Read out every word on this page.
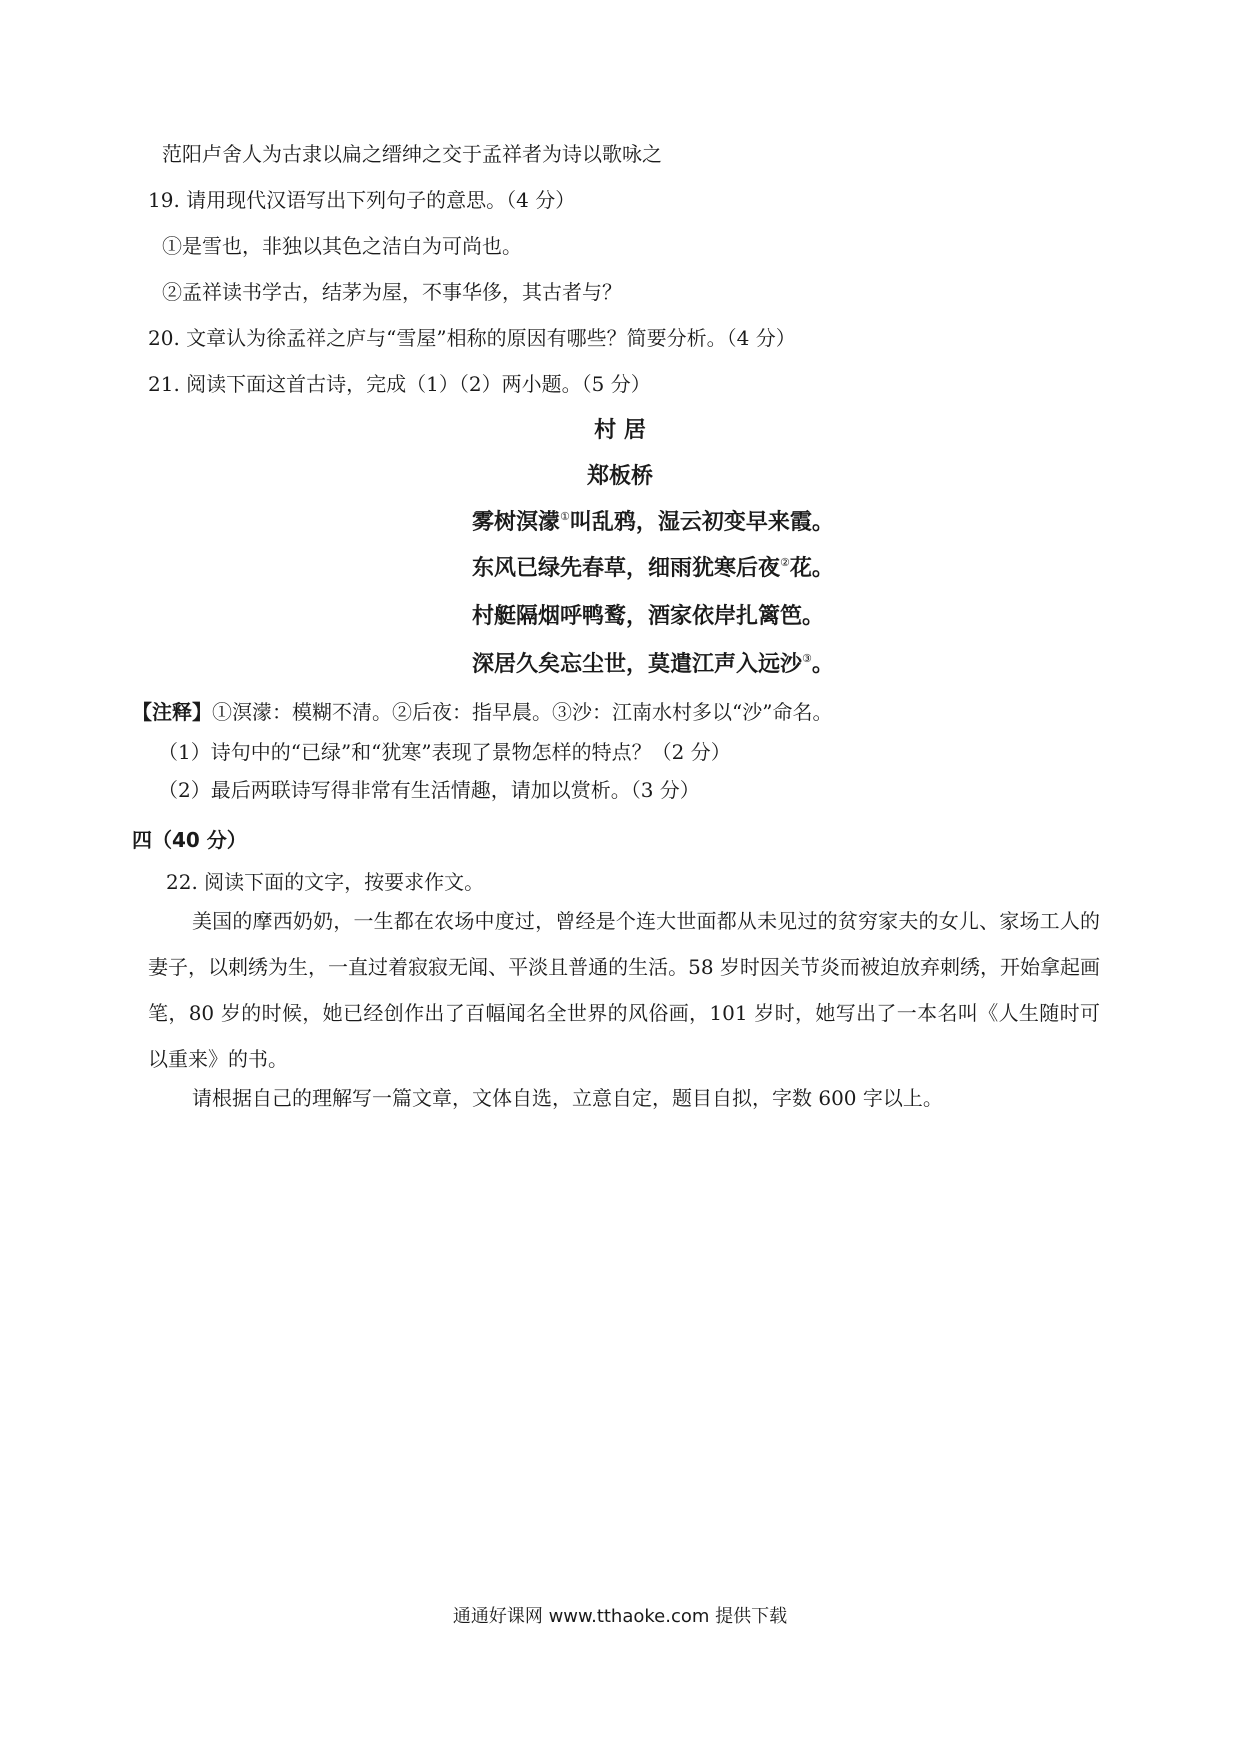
范阳卢舍人为古隶以扁之缙绅之交于孟祥者为诗以歌咏之
19. 请用现代汉语写出下列句子的意思。（4 分）
①是雪也，非独以其色之洁白为可尚也。
②孟祥读书学古，结茅为屋，不事华侈，其古者与？
20. 文章认为徐孟祥之庐与“雪屋”相称的原因有哪些？简要分析。（4 分）
21. 阅读下面这首古诗，完成（1）（2）两小题。（5 分）
村 居
郑板桥
雾树溟濛①叫乱鸦，湿云初变早来霞。
东风已绿先春草，细雨犹寒后夜②花。
村艇隔烟呼鸭鹜，酒家依岸扎篱笆。
深居久矣忘尘世，莫遣江声入远沙③。
【注释】①溟濛：模糊不清。②后夜：指早晨。③沙：江南水村多以“沙”命名。
（1）诗句中的“已绿”和“犹寒”表现了景物怎样的特点？（2 分）
（2）最后两联诗写得非常有生活情趣，请加以赏析。（3 分）
四（40 分）
22. 阅读下面的文字，按要求作文。
美国的摩西奶奶，一生都在农场中度过，曾经是个连大世面都从未见过的贫穷家夫的女儿、家场工人的妻子，以刺绣为生，一直过着寂寂无闻、平淡且普通的生活。58 岁时因关节炎而被迫放弃刺绣，开始拿起画笔，80 岁的时候，她已经创作出了百幅闻名全世界的风俗画，101 岁时，她写出了一本名叫《人生随时可以重来》的书。
请根据自己的理解写一篇文章，文体自选，立意自定，题目自拟，字数 600 字以上。
通通好课网 www.tthaoke.com 提供下载
